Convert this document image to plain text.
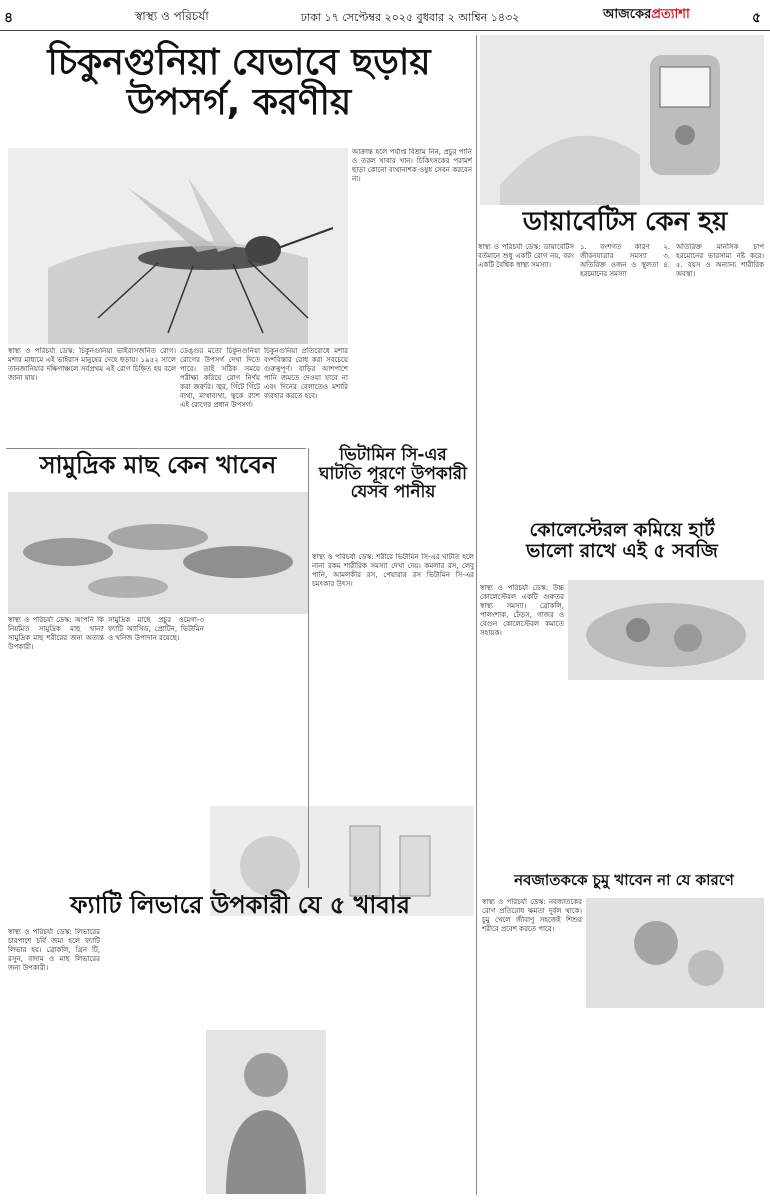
৪	স্বাস্থ্য ও পরিচর্যা	ঢাকা ১৭ সেপ্টেম্বর ২০২৫ বুধবার ২ আশ্বিন ১৪৩২	আজকেরপ্রত্যাশা	৫
চিকুনগুনিয়া যেভাবে ছড়ায়
উপসর্গ, করণীয়
স্বাস্থ্য ও পরিচর্যা ডেস্ক: চিকুনগুনিয়া ভাইরাসজনিত রোগ। মশার মাধ্যমে এই ভাইরাস মানুষের দেহে ছড়ায়। ১৯৫২ সালে তানজানিয়ার দক্ষিণাঞ্চলে সর্বপ্রথম এই রোগ চিহ্নিত হয় বলে জানা যায়।
ডেঙ্গুর মতো চিকুনগুনিয়া রোগের উপসর্গ দেখা দিতে পারে। তাই সঠিক সময়ে পরীক্ষা করিয়ে রোগ নির্ণয় করা জরুরি। জ্বর, গিঁটে গিঁটে ব্যথা, মাথাব্যথা, ত্বকে র‍্যাশ এই রোগের প্রধান উপসর্গ।
চিকুনগুনিয়া প্রতিরোধে মশার বংশবিস্তার রোধ করা সবচেয়ে গুরুত্বপূর্ণ। বাড়ির আশপাশে পানি জমতে দেওয়া যাবে না এবং দিনের বেলাতেও মশারি ব্যবহার করতে হবে।
আক্রান্ত হলে পর্যাপ্ত বিশ্রাম নিন, প্রচুর পানি ও তরল খাবার খান। চিকিৎসকের পরামর্শ ছাড়া কোনো ব্যথানাশক ওষুধ সেবন করবেন না।
ডায়াবেটিস কেন হয়
স্বাস্থ্য ও পরিচর্যা ডেস্ক: ডায়াবেটিস বর্তমানে শুধু একটি রোগ নয়, বরং একটি বৈশ্বিক স্বাস্থ্য সমস্যা।
১. বংশগত কারণ ২. জীবনযাত্রার সমস্যা ৩. অতিরিক্ত ওজন ও স্থূলতা ৪. হরমোনের সমস্যা
অতিরিক্ত মানসিক চাপ হরমোনের ভারসাম্য নষ্ট করে। ৫. বয়স ও অন্যান্য শারীরিক অবস্থা।
সামুদ্রিক মাছ কেন খাবেন
স্বাস্থ্য ও পরিচর্যা ডেস্ক: আপনি কি নিয়মিত সামুদ্রিক মাছ খান? সামুদ্রিক মাছ শরীরের জন্য অত্যন্ত উপকারী।
সামুদ্রিক মাছে প্রচুর ওমেগা-৩ ফ্যাটি অ্যাসিড, প্রোটিন, ভিটামিন ও খনিজ উপাদান রয়েছে।
ভিটামিন সি-এর
ঘাটতি পূরণে উপকারী
যেসব পানীয়
স্বাস্থ্য ও পরিচর্যা ডেস্ক: শরীরে ভিটামিন সি-এর ঘাটতি হলে নানা রকম শারীরিক সমস্যা দেখা দেয়। কমলার রস, লেবু পানি, আমলকীর রস, পেয়ারার রস ভিটামিন সি-এর চমৎকার উৎস।
কোলেস্টেরল কমিয়ে হার্ট
ভালো রাখে এই ৫ সবজি
স্বাস্থ্য ও পরিচর্যা ডেস্ক: উচ্চ কোলেস্টেরল একটি গুরুতর স্বাস্থ্য সমস্যা। ব্রোকলি, পালংশাক, ঢেঁড়স, গাজর ও বেগুন কোলেস্টেরল কমাতে সহায়ক।
ফ্যাটি লিভারে উপকারী যে ৫ খাবার
স্বাস্থ্য ও পরিচর্যা ডেস্ক: লিভারের চারপাশে চর্বি জমা হলে ফ্যাটি লিভার হয়। ব্রোকলি, গ্রিন টি, রসুন, বাদাম ও মাছ লিভারের জন্য উপকারী।
নবজাতককে চুমু খাবেন না যে কারণে
স্বাস্থ্য ও পরিচর্যা ডেস্ক: নবজাতকের রোগ প্রতিরোধ ক্ষমতা দুর্বল থাকে। চুমু খেলে জীবাণু সহজেই শিশুর শরীরে প্রবেশ করতে পারে।
